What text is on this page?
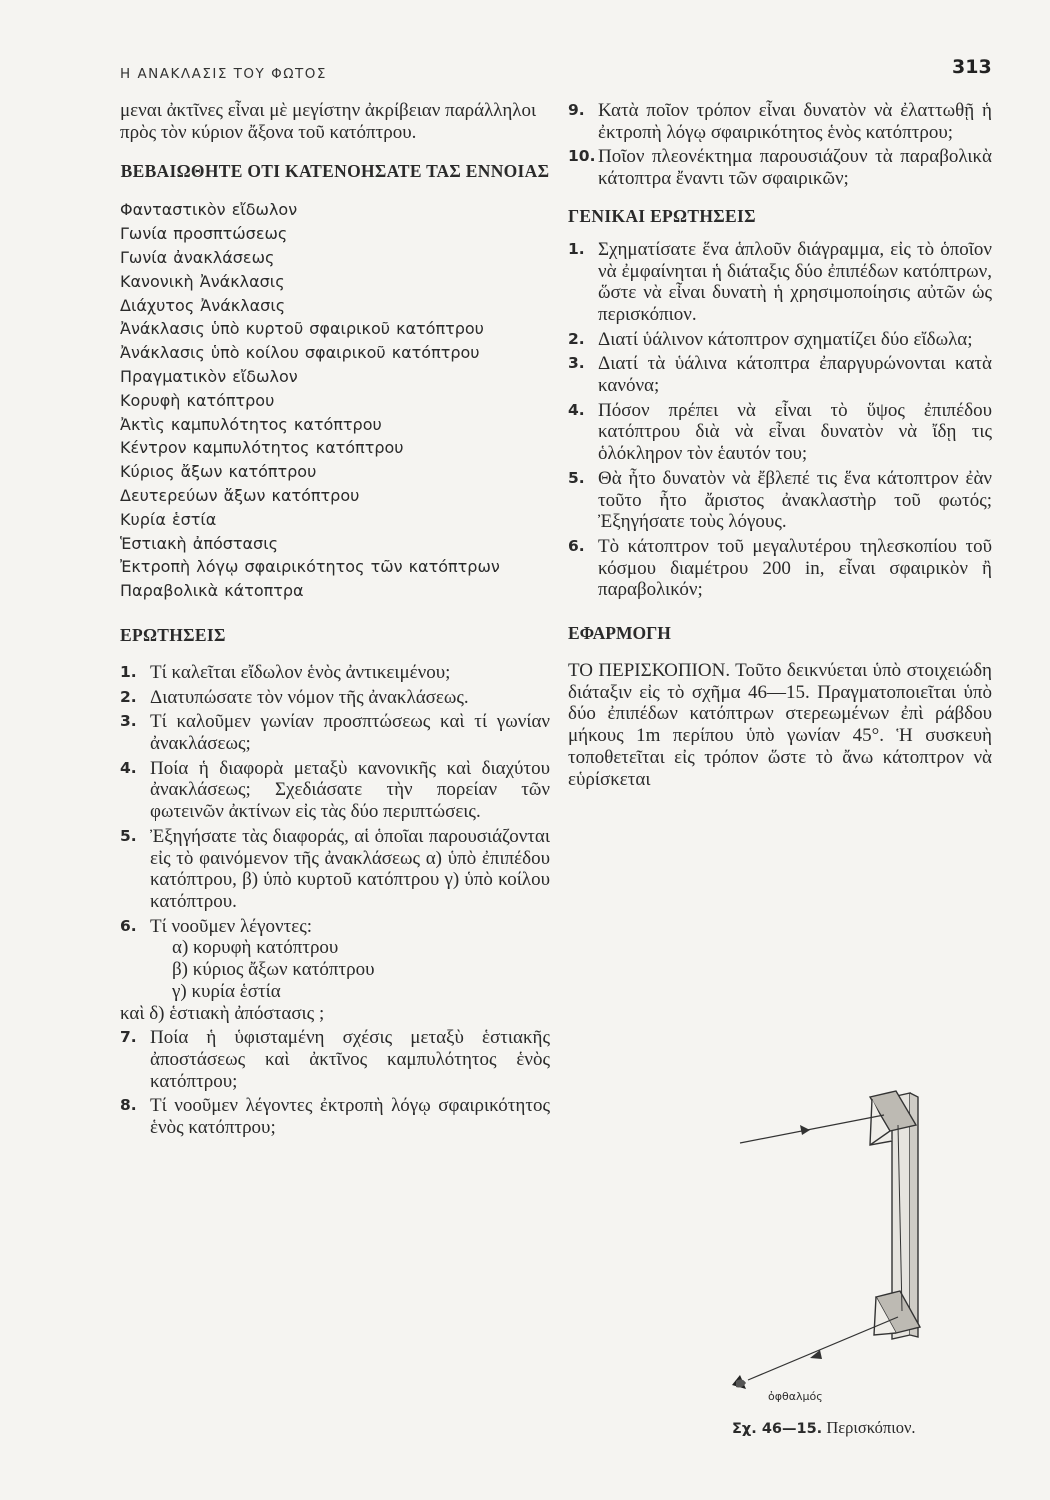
Η ΑΝΑΚΛΑΣΙΣ ΤΟΥ ΦΩΤΟΣ	313

μεναι ἀκτῖνες εἶναι μὲ μεγίστην ἀκρίβειαν παράλληλοι πρὸς τὸν κύριον ἄξονα τοῦ κατόπτρου.

ΒΕΒΑΙΩΘΗΤΕ ΟΤΙ ΚΑΤΕΝΟΗΣΑΤΕ ΤΑΣ ΕΝΝΟΙΑΣ
Φανταστικὸν εἴδωλον
Γωνία προσπτώσεως
Γωνία ἀνακλάσεως
Κανονικὴ Ἀνάκλασις
Διάχυτος Ἀνάκλασις
Ἀνάκλασις ὑπὸ κυρτοῦ σφαιρικοῦ κατόπτρου
Ἀνάκλασις ὑπὸ κοίλου σφαιρικοῦ κατόπτρου
Πραγματικὸν εἴδωλον
Κορυφὴ κατόπτρου
Ἀκτὶς καμπυλότητος κατόπτρου
Κέντρον καμπυλότητος κατόπτρου
Κύριος ἄξων κατόπτρου
Δευτερεύων ἄξων κατόπτρου
Κυρία ἑστία
Ἑστιακὴ ἀπόστασις
Ἐκτροπὴ λόγῳ σφαιρικότητος τῶν κατόπτρων
Παραβολικὰ κάτοπτρα
ΕΡΩΤΗΣΕΙΣ
1. Τί καλεῖται εἴδωλον ἑνὸς ἀντικειμένου;
2. Διατυπώσατε τὸν νόμον τῆς ἀνακλάσεως.
3. Τί καλοῦμεν γωνίαν προσπτώσεως καὶ τί γωνίαν ἀνακλάσεως;
4. Ποία ἡ διαφορὰ μεταξὺ κανονικῆς καὶ διαχύτου ἀνακλάσεως; Σχεδιάσατε τὴν πορείαν τῶν φωτεινῶν ἀκτίνων εἰς τὰς δύο περιπτώσεις.
5. Ἐξηγήσατε τὰς διαφοράς, αἱ ὁποῖαι παρουσιάζονται εἰς τὸ φαινόμενον τῆς ἀνακλάσεως α) ὑπὸ ἐπιπέδου κατόπτρου, β) ὑπὸ κυρτοῦ κατόπτρου γ) ὑπὸ κοίλου κατόπτρου.
6. Τί νοοῦμεν λέγοντες:
α) κορυφὴ κατόπτρου
β) κύριος ἄξων κατόπτρου
γ) κυρία ἑστία
καὶ δ) ἑστιακὴ ἀπόστασις ;
7. Ποία ἡ ὑφισταμένη σχέσις μεταξὺ ἑστιακῆς ἀποστάσεως καὶ ἀκτῖνος καμπυλότητος ἑνὸς κατόπτρου;
8. Τί νοοῦμεν λέγοντες ἐκτροπὴ λόγῳ σφαιρικότητος ἑνὸς κατόπτρου;
9. Κατὰ ποῖον τρόπον εἶναι δυνατὸν νὰ ἐλαττωθῇ ἡ ἐκτροπὴ λόγῳ σφαιρικότητος ἑνὸς κατόπτρου;
10. Ποῖον πλεονέκτημα παρουσιάζουν τὰ παραβολικὰ κάτοπτρα ἔναντι τῶν σφαιρικῶν;
ΓΕΝΙΚΑΙ ΕΡΩΤΗΣΕΙΣ
1. Σχηματίσατε ἕνα ἁπλοῦν διάγραμμα, εἰς τὸ ὁποῖον νὰ ἐμφαίνηται ἡ διάταξις δύο ἐπιπέδων κατόπτρων, ὥστε νὰ εἶναι δυνατὴ ἡ χρησιμοποίησις αὐτῶν ὡς περισκόπιον.
2. Διατί ὑάλινον κάτοπτρον σχηματίζει δύο εἴδωλα;
3. Διατί τὰ ὑάλινα κάτοπτρα ἐπαργυρώνονται κατὰ κανόνα;
4. Πόσον πρέπει νὰ εἶναι τὸ ὕψος ἐπιπέδου κατόπτρου διὰ νὰ εἶναι δυνατὸν νὰ ἴδῃ τις ὁλόκληρον τὸν ἑαυτόν του;
5. Θὰ ἦτο δυνατὸν νὰ ἔβλεπέ τις ἕνα κάτοπτρον ἐὰν τοῦτο ἦτο ἄριστος ἀνακλαστὴρ τοῦ φωτός; Ἐξηγήσατε τοὺς λόγους.
6. Τὸ κάτοπτρον τοῦ μεγαλυτέρου τηλεσκοπίου τοῦ κόσμου διαμέτρου 200 in, εἶναι σφαιρικὸν ἢ παραβολικόν;
ΕΦΑΡΜΟΓΗ

ΤΟ ΠΕΡΙΣΚΟΠΙΟΝ. Τοῦτο δεικνύεται ὑπὸ στοιχειώδη διάταξιν εἰς τὸ σχῆμα 46—15. Πραγματοποιεῖται ὑπὸ δύο ἐπιπέδων κατόπτρων στερεωμένων ἐπὶ ράβδου μήκους 1m περίπου ὑπὸ γωνίαν 45°. Ἡ συσκευὴ τοποθετεῖται εἰς τρόπον ὥστε τὸ ἄνω κάτοπτρον νὰ εὑρίσκεται

ὀφθαλμός
Σχ. 46—15. Περισκόπιον.
